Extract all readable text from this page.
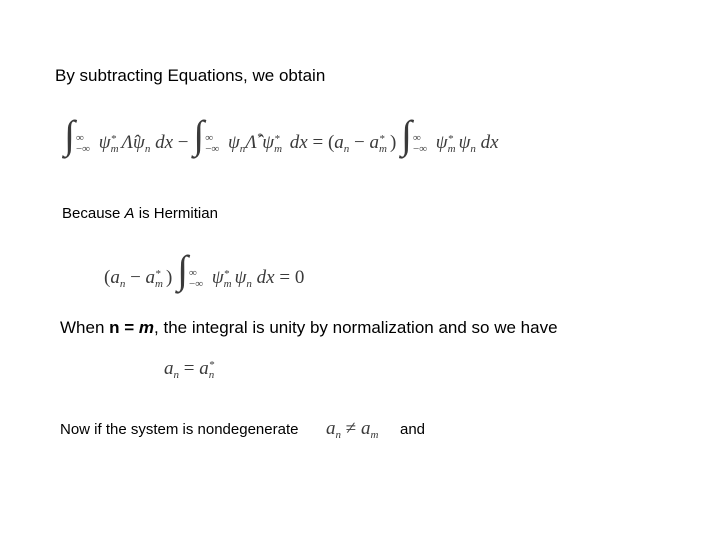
By subtracting Equations, we obtain
∫ ∞
−∞ ψ *
m $\Lambdâ\psi_n$ dx − ∫ ∞
−∞ $\psi_n\Lambdâ^*\psi$ *
m dx = ($a_n - a$ *
m ) ∫ ∞
−∞ ψ *
m $\psi_n$ dx
Because A is Hermitian
($a_n - a$ *
m ) ∫ ∞
−∞ ψ *
m $\psi_n$ dx = 0
When n = m, the integral is unity by normalization and so we have
$a_n = a$ *
n
Now if the system is nondegenerate $a_n \ne a_m$ and
